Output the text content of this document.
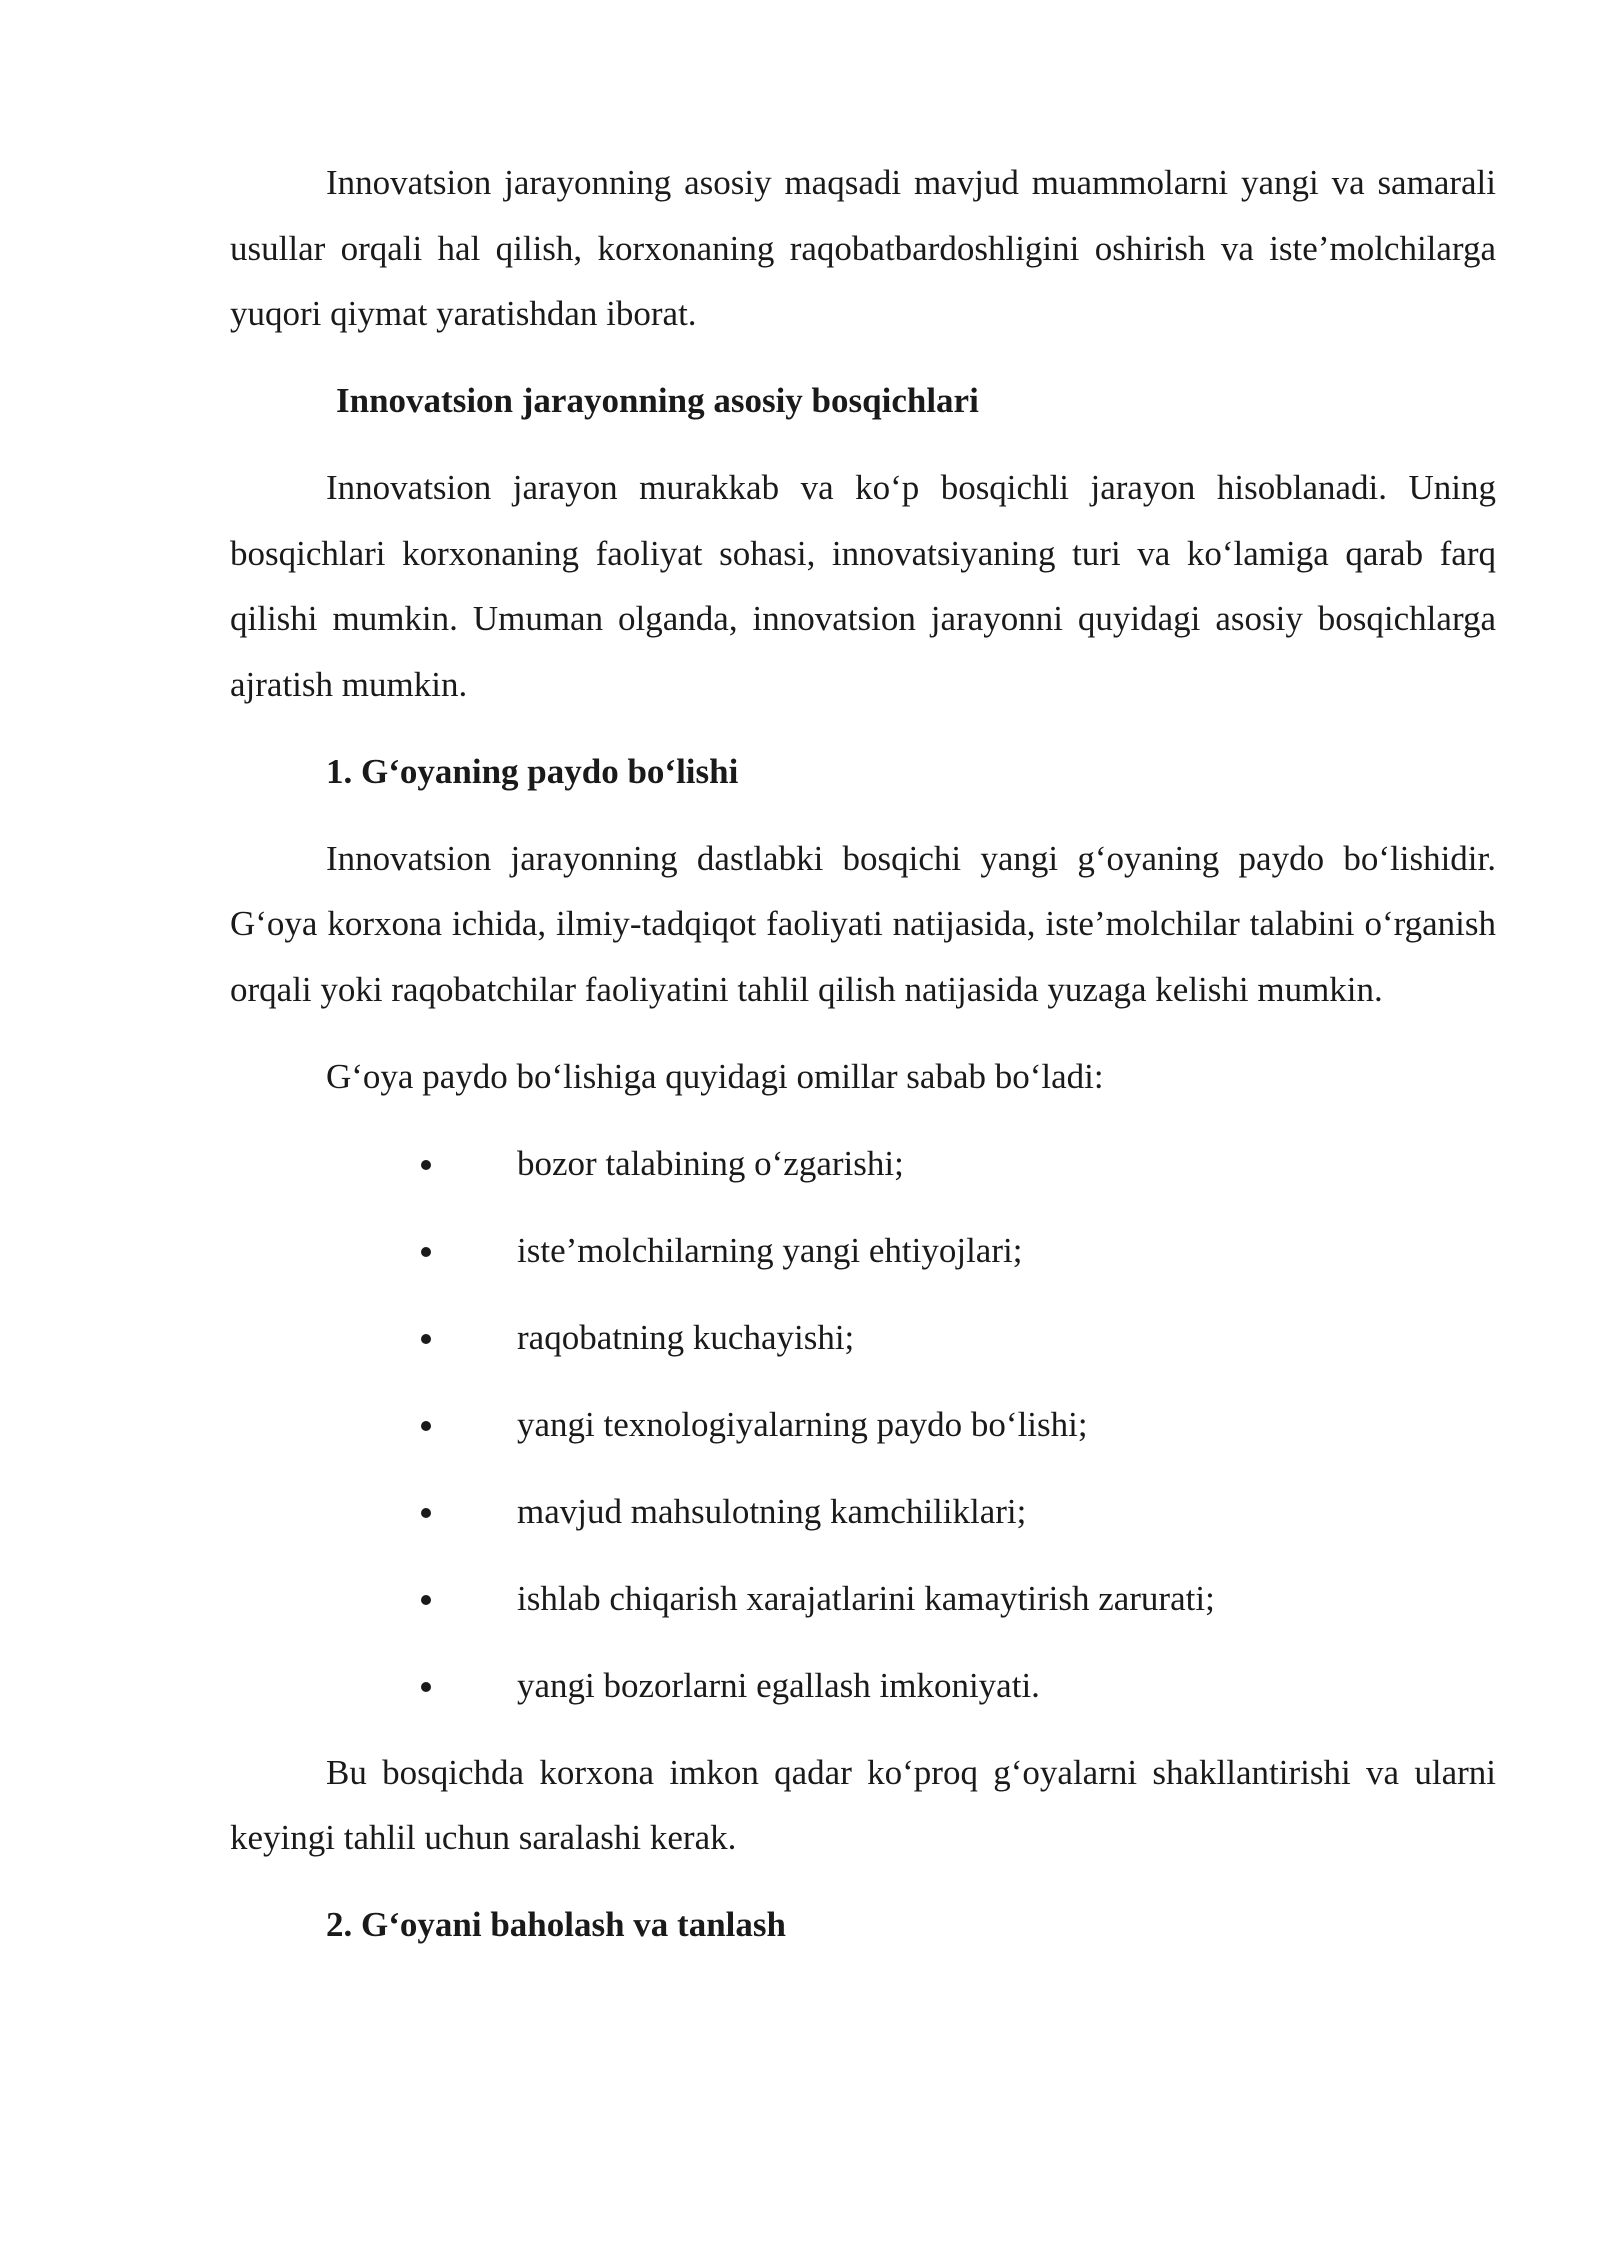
Innovatsion jarayonning asosiy maqsadi mavjud muammolarni yangi va samarali usullar orqali hal qilish, korxonaning raqobatbardoshligini oshirish va iste’molchilarga yuqori qiymat yaratishdan iborat.

Innovatsion jarayonning asosiy bosqichlari

Innovatsion jarayon murakkab va ko‘p bosqichli jarayon hisoblanadi. Uning bosqichlari korxonaning faoliyat sohasi, innovatsiyaning turi va ko‘lamiga qarab farq qilishi mumkin. Umuman olganda, innovatsion jarayonni quyidagi asosiy bosqichlarga ajratish mumkin.

1. G‘oyaning paydo bo‘lishi

Innovatsion jarayonning dastlabki bosqichi yangi g‘oyaning paydo bo‘lishidir. G‘oya korxona ichida, ilmiy-tadqiqot faoliyati natijasida, iste’molchilar talabini o‘rganish orqali yoki raqobatchilar faoliyatini tahlil qilish natijasida yuzaga kelishi mumkin.

G‘oya paydo bo‘lishiga quyidagi omillar sabab bo‘ladi:

bozor talabining o‘zgarishi;
iste’molchilarning yangi ehtiyojlari;
raqobatning kuchayishi;
yangi texnologiyalarning paydo bo‘lishi;
mavjud mahsulotning kamchiliklari;
ishlab chiqarish xarajatlarini kamaytirish zarurati;
yangi bozorlarni egallash imkoniyati.

Bu bosqichda korxona imkon qadar ko‘proq g‘oyalarni shakllantirishi va ularni keyingi tahlil uchun saralashi kerak.

2. G‘oyani baholash va tanlash
